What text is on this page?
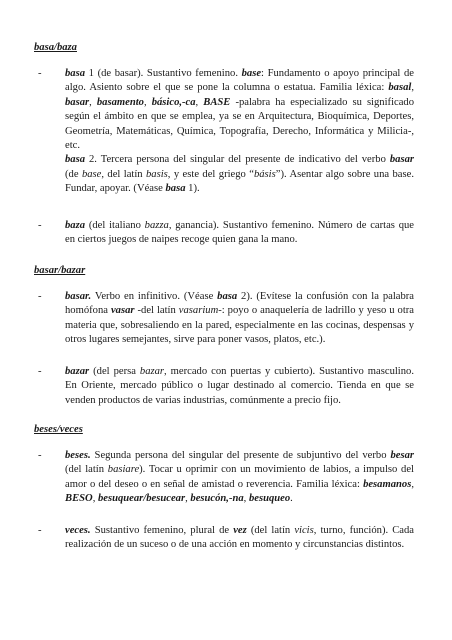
basa/baza
-	basa 1 (de basar). Sustantivo femenino. base: Fundamento o apoyo principal de algo. Asiento sobre el que se pone la columna o estatua. Familia léxica: basal, basar, basamento, básico,-ca, BASE -palabra ha especializado su significado según el ámbito en que se emplea, ya se en Arquitectura, Bioquímica, Deportes, Geometría, Matemáticas, Química, Topografía, Derecho, Informática y Milicia-, etc.
basa 2. Tercera persona del singular del presente de indicativo del verbo basar (de base, del latín basis, y este del griego “básis”). Asentar algo sobre una base. Fundar, apoyar. (Véase basa 1).
-	baza (del italiano bazza, ganancia). Sustantivo femenino. Número de cartas que en ciertos juegos de naipes recoge quien gana la mano.
basar/bazar
-	basar. Verbo en infinitivo. (Véase basa 2). (Evítese la confusión con la palabra homófona vasar -del latín vasarium-: poyo o anaquelería de ladrillo y yeso u otra materia que, sobresaliendo en la pared, especialmente en las cocinas, despensas y otros lugares semejantes, sirve para poner vasos, platos, etc.).
-	bazar (del persa bazar, mercado con puertas y cubierto). Sustantivo masculino. En Oriente, mercado público o lugar destinado al comercio. Tienda en que se venden productos de varias industrias, comúnmente a precio fijo.
beses/veces
-	beses. Segunda persona del singular del presente de subjuntivo del verbo besar (del latín basiare). Tocar u oprimir con un movimiento de labios, a impulso del amor o del deseo o en señal de amistad o reverencia. Familia léxica: besamanos, BESO, besuquear/besucear, besucón,-na, besuqueo.
-	veces. Sustantivo femenino, plural de vez (del latín vicis, turno, función). Cada realización de un suceso o de una acción en momento y circunstancias distintos.
